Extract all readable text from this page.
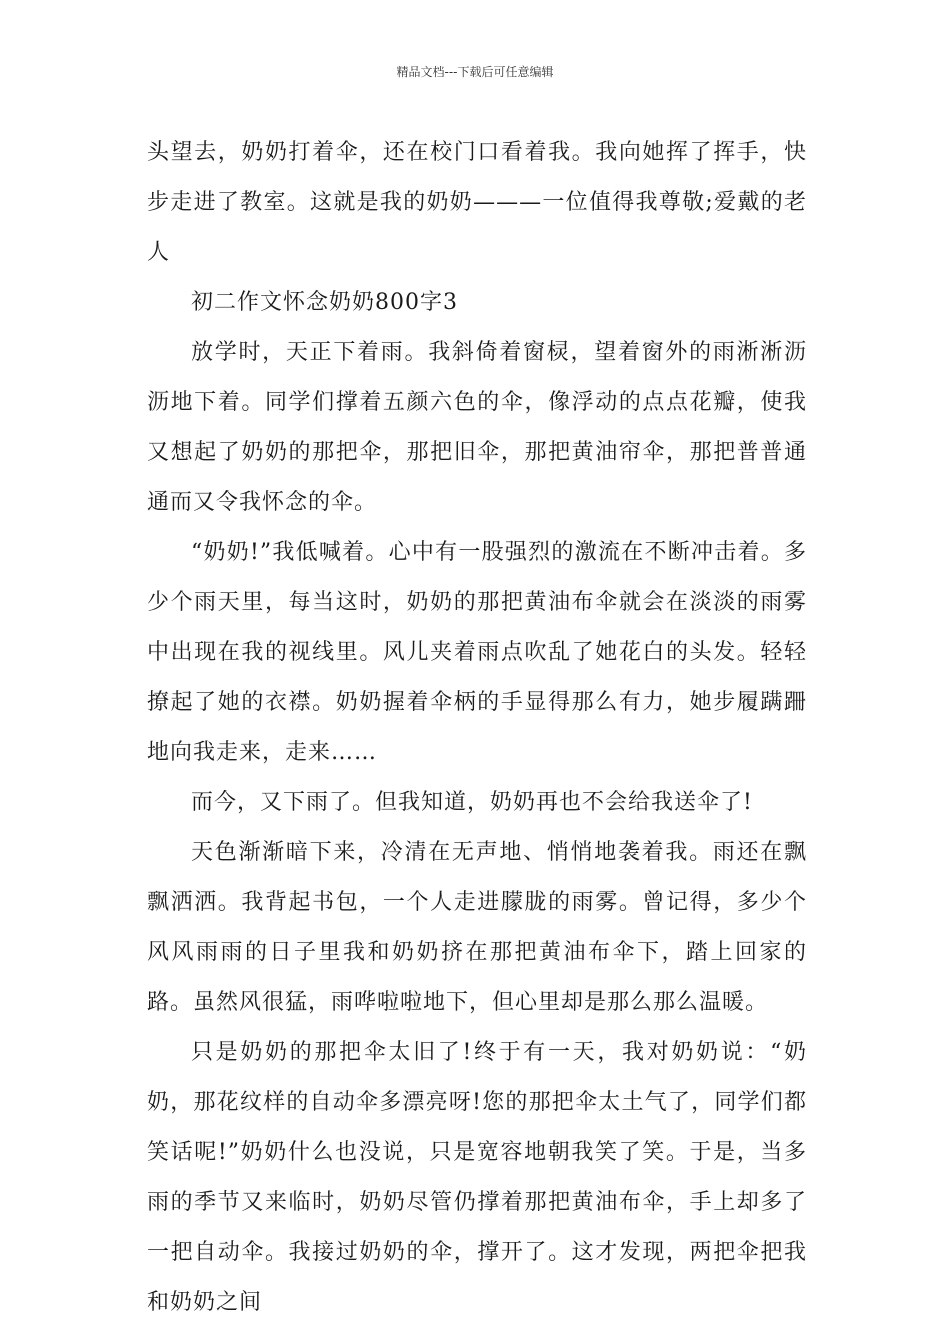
精品文档---下载后可任意编辑

头望去，奶奶打着伞，还在校门口看着我。我向她挥了挥手，快步走进了教室。这就是我的奶奶———一位值得我尊敬;爱戴的老人

初二作文怀念奶奶800字3

放学时，天正下着雨。我斜倚着窗棂，望着窗外的雨淅淅沥沥地下着。同学们撑着五颜六色的伞，像浮动的点点花瓣，使我又想起了奶奶的那把伞，那把旧伞，那把黄油帘伞，那把普普通通而又令我怀念的伞。

“奶奶!”我低喊着。心中有一股强烈的激流在不断冲击着。多少个雨天里，每当这时，奶奶的那把黄油布伞就会在淡淡的雨雾中出现在我的视线里。风儿夹着雨点吹乱了她花白的头发。轻轻撩起了她的衣襟。奶奶握着伞柄的手显得那么有力，她步履蹒跚地向我走来，走来……

而今，又下雨了。但我知道，奶奶再也不会给我送伞了!

天色渐渐暗下来，冷清在无声地、悄悄地袭着我。雨还在飘飘洒洒。我背起书包，一个人走进朦胧的雨雾。曾记得，多少个风风雨雨的日子里我和奶奶挤在那把黄油布伞下，踏上回家的路。虽然风很猛，雨哗啦啦地下，但心里却是那么那么温暖。

只是奶奶的那把伞太旧了!终于有一天，我对奶奶说：“奶奶，那花纹样的自动伞多漂亮呀!您的那把伞太土气了，同学们都笑话呢!”奶奶什么也没说，只是宽容地朝我笑了笑。于是，当多雨的季节又来临时，奶奶尽管仍撑着那把黄油布伞，手上却多了一把自动伞。我接过奶奶的伞，撑开了。这才发现，两把伞把我和奶奶之间
